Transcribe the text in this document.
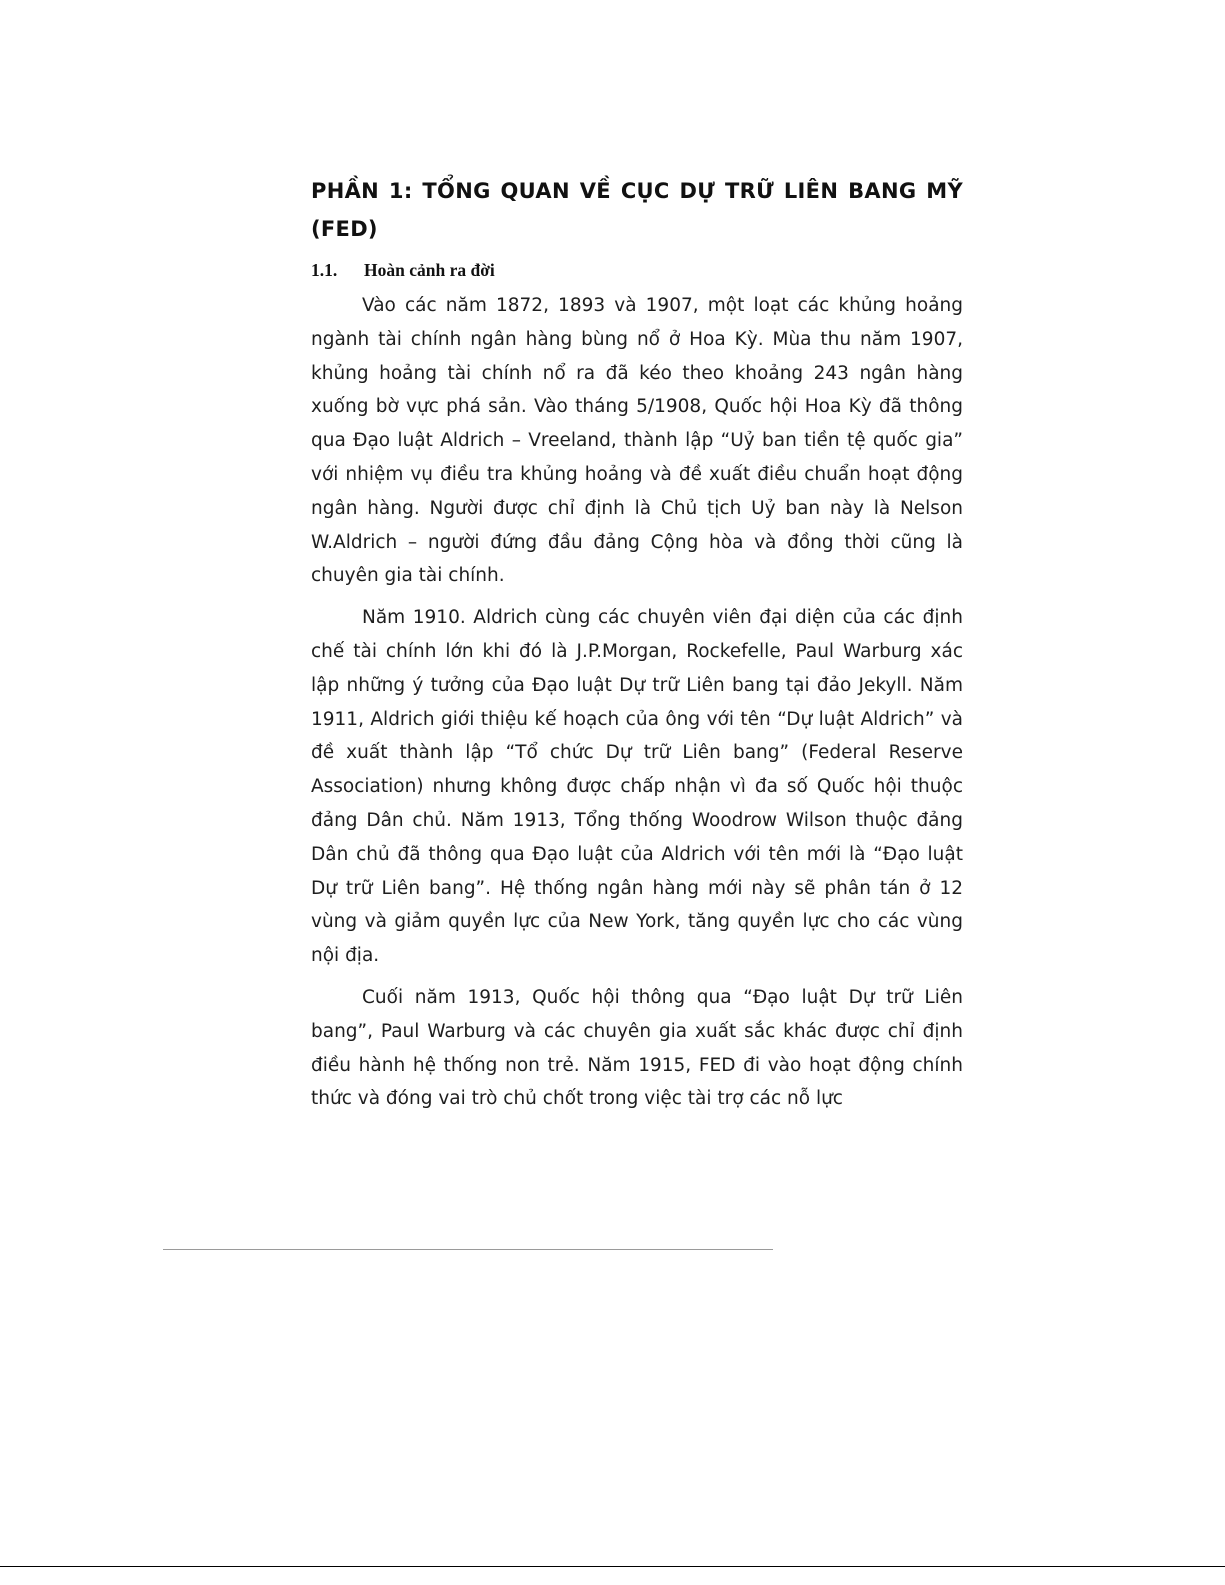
PHẦN 1: TỔNG QUAN VỀ CỤC DỰ TRỮ LIÊN BANG MỸ (FED)
1.1. Hoàn cảnh ra đời

Vào các năm 1872, 1893 và 1907, một loạt các khủng hoảng ngành tài chính ngân hàng bùng nổ ở Hoa Kỳ. Mùa thu năm 1907, khủng hoảng tài chính nổ ra đã kéo theo khoảng 243 ngân hàng xuống bờ vực phá sản. Vào tháng 5/1908, Quốc hội Hoa Kỳ đã thông qua Đạo luật Aldrich – Vreeland, thành lập “Uỷ ban tiền tệ quốc gia” với nhiệm vụ điều tra khủng hoảng và đề xuất điều chuẩn hoạt động ngân hàng. Người được chỉ định là Chủ tịch Uỷ ban này là Nelson W.Aldrich – người đứng đầu đảng Cộng hòa và đồng thời cũng là chuyên gia tài chính.

Năm 1910. Aldrich cùng các chuyên viên đại diện của các định chế tài chính lớn khi đó là J.P.Morgan, Rockefelle, Paul Warburg xác lập những ý tưởng của Đạo luật Dự trữ Liên bang tại đảo Jekyll. Năm 1911, Aldrich giới thiệu kế hoạch của ông với tên “Dự luật Aldrich” và đề xuất thành lập “Tổ chức Dự trữ Liên bang” (Federal Reserve Association) nhưng không được chấp nhận vì đa số Quốc hội thuộc đảng Dân chủ. Năm 1913, Tổng thống Woodrow Wilson thuộc đảng Dân chủ đã thông qua Đạo luật của Aldrich với tên mới là “Đạo luật Dự trữ Liên bang”. Hệ thống ngân hàng mới này sẽ phân tán ở 12 vùng và giảm quyền lực của New York, tăng quyền lực cho các vùng nội địa.

Cuối năm 1913, Quốc hội thông qua “Đạo luật Dự trữ Liên bang”, Paul Warburg và các chuyên gia xuất sắc khác được chỉ định điều hành hệ thống non trẻ. Năm 1915, FED đi vào hoạt động chính thức và đóng vai trò chủ chốt trong việc tài trợ các nỗ lực
